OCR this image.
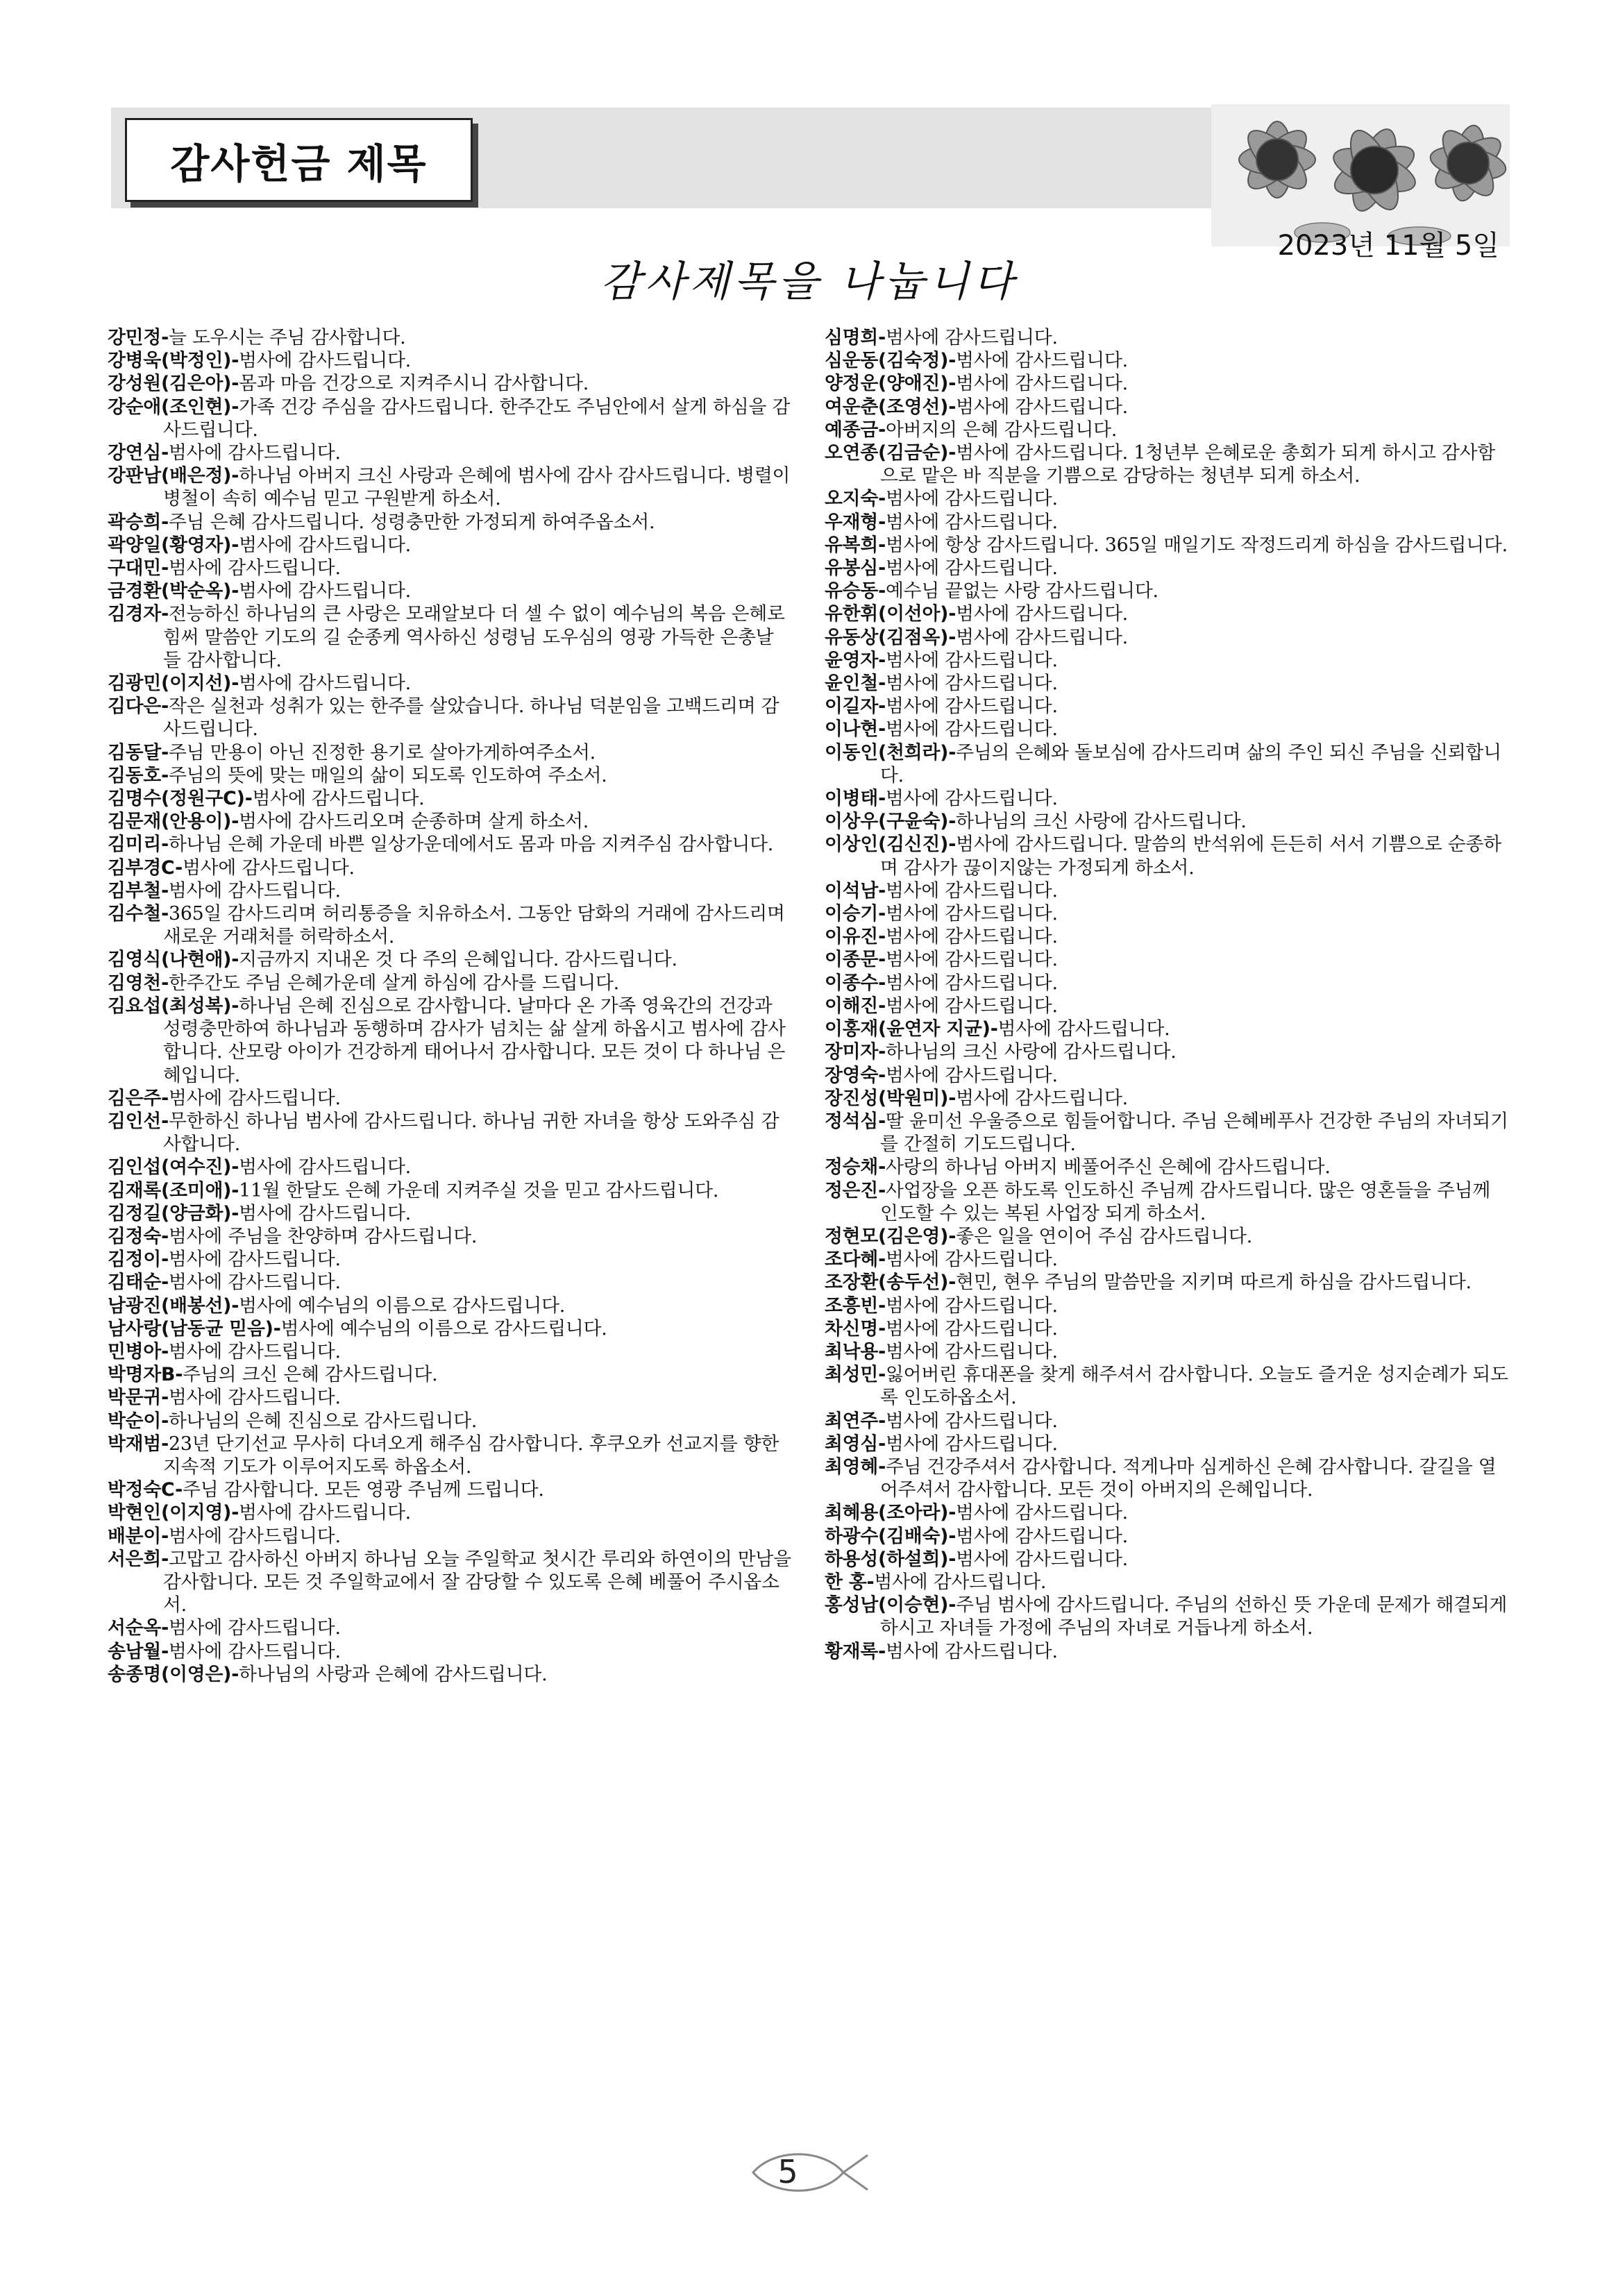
감사헌금 제목
2023년 11월 5일
감사제목을 나눕니다
강민정-늘 도우시는 주님 감사합니다.
강병욱(박정인)-범사에 감사드립니다.
강성원(김은아)-몸과 마음 건강으로 지켜주시니 감사합니다.
강순애(조인현)-가족 건강 주심을 감사드립니다. 한주간도 주님안에서 살게 하심을 감사드립니다.
강연심-범사에 감사드립니다.
강판남(배은정)-하나님 아버지 크신 사랑과 은혜에 범사에 감사 감사드립니다. 병렬이 병철이 속히 예수님 믿고 구원받게 하소서.
곽승희-주님 은혜 감사드립니다. 성령충만한 가정되게 하여주옵소서.
곽양일(황영자)-범사에 감사드립니다.
구대민-범사에 감사드립니다.
금경환(박순옥)-범사에 감사드립니다.
김경자-전능하신 하나님의 큰 사랑은 모래알보다 더 셀 수 없이 예수님의 복음 은혜로 힘써 말씀안 기도의 길 순종케 역사하신 성령님 도우심의 영광 가득한 은총날들 감사합니다.
김광민(이지선)-범사에 감사드립니다.
김다은-작은 실천과 성취가 있는 한주를 살았습니다. 하나님 덕분임을 고백드리며 감사드립니다.
김동달-주님 만용이 아닌 진정한 용기로 살아가게하여주소서.
김동호-주님의 뜻에 맞는 매일의 삶이 되도록 인도하여 주소서.
김명수(정원구C)-범사에 감사드립니다.
김문재(안용이)-범사에 감사드리오며 순종하며 살게 하소서.
김미리-하나님 은혜 가운데 바쁜 일상가운데에서도 몸과 마음 지켜주심 감사합니다.
김부경C-범사에 감사드립니다.
김부철-범사에 감사드립니다.
김수철-365일 감사드리며 허리통증을 치유하소서. 그동안 담화의 거래에 감사드리며 새로운 거래처를 허락하소서.
김영식(나현애)-지금까지 지내온 것 다 주의 은혜입니다. 감사드립니다.
김영천-한주간도 주님 은혜가운데 살게 하심에 감사를 드립니다.
김요섭(최성복)-하나님 은혜 진심으로 감사합니다. 날마다 온 가족 영육간의 건강과 성령충만하여 하나님과 동행하며 감사가 넘치는 삶 살게 하옵시고 범사에 감사합니다. 산모랑 아이가 건강하게 태어나서 감사합니다. 모든 것이 다 하나님 은혜입니다.
김은주-범사에 감사드립니다.
김인선-무한하신 하나님 범사에 감사드립니다. 하나님 귀한 자녀을 항상 도와주심 감사합니다.
김인섭(여수진)-범사에 감사드립니다.
김재록(조미애)-11월 한달도 은혜 가운데 지켜주실 것을 믿고 감사드립니다.
김정길(양금화)-범사에 감사드립니다.
김정숙-범사에 주님을 찬양하며 감사드립니다.
김정이-범사에 감사드립니다.
김태순-범사에 감사드립니다.
남광진(배봉선)-범사에 예수님의 이름으로 감사드립니다.
남사랑(남동균 믿음)-범사에 예수님의 이름으로 감사드립니다.
민병아-범사에 감사드립니다.
박명자B-주님의 크신 은혜 감사드립니다.
박문귀-범사에 감사드립니다.
박순이-하나님의 은혜 진심으로 감사드립니다.
박재범-23년 단기선교 무사히 다녀오게 해주심 감사합니다. 후쿠오카 선교지를 향한 지속적 기도가 이루어지도록 하옵소서.
박정숙C-주님 감사합니다. 모든 영광 주님께 드립니다.
박현인(이지영)-범사에 감사드립니다.
배분이-범사에 감사드립니다.
서은희-고맙고 감사하신 아버지 하나님 오늘 주일학교 첫시간 루리와 하연이의 만남을 감사합니다. 모든 것 주일학교에서 잘 감당할 수 있도록 은혜 베풀어 주시옵소서.
서순옥-범사에 감사드립니다.
송남월-범사에 감사드립니다.
송종명(이영은)-하나님의 사랑과 은혜에 감사드립니다.
심명희-범사에 감사드립니다.
심운동(김숙정)-범사에 감사드립니다.
양정운(양애진)-범사에 감사드립니다.
여운춘(조영선)-범사에 감사드립니다.
예종금-아버지의 은혜 감사드립니다.
오연종(김금순)-범사에 감사드립니다. 1청년부 은혜로운 총회가 되게 하시고 감사함으로 맡은 바 직분을 기쁨으로 감당하는 청년부 되게 하소서.
오지숙-범사에 감사드립니다.
우재형-범사에 감사드립니다.
유복희-범사에 항상 감사드립니다. 365일 매일기도 작정드리게 하심을 감사드립니다.
유봉심-범사에 감사드립니다.
유승동-예수님 끝없는 사랑 감사드립니다.
유한휘(이선아)-범사에 감사드립니다.
유동상(김점옥)-범사에 감사드립니다.
윤영자-범사에 감사드립니다.
윤인철-범사에 감사드립니다.
이길자-범사에 감사드립니다.
이나현-범사에 감사드립니다.
이동인(천희라)-주님의 은혜와 돌보심에 감사드리며 삶의 주인 되신 주님을 신뢰합니다.
이병태-범사에 감사드립니다.
이상우(구윤숙)-하나님의 크신 사랑에 감사드립니다.
이상인(김신진)-범사에 감사드립니다. 말씀의 반석위에 든든히 서서 기쁨으로 순종하며 감사가 끊이지않는 가정되게 하소서.
이석남-범사에 감사드립니다.
이승기-범사에 감사드립니다.
이유진-범사에 감사드립니다.
이종문-범사에 감사드립니다.
이종수-범사에 감사드립니다.
이해진-범사에 감사드립니다.
이홍재(윤연자 지균)-범사에 감사드립니다.
장미자-하나님의 크신 사랑에 감사드립니다.
장영숙-범사에 감사드립니다.
장진성(박원미)-범사에 감사드립니다.
정석심-딸 윤미선 우울증으로 힘들어합니다. 주님 은혜베푸사 건강한 주님의 자녀되기를 간절히 기도드립니다.
정승채-사랑의 하나님 아버지 베풀어주신 은혜에 감사드립니다.
정은진-사업장을 오픈 하도록 인도하신 주님께 감사드립니다. 많은 영혼들을 주님께 인도할 수 있는 복된 사업장 되게 하소서.
정현모(김은영)-좋은 일을 연이어 주심 감사드립니다.
조다혜-범사에 감사드립니다.
조장환(송두선)-현민, 현우 주님의 말씀만을 지키며 따르게 하심을 감사드립니다.
조흥빈-범사에 감사드립니다.
차신명-범사에 감사드립니다.
최낙용-범사에 감사드립니다.
최성민-잃어버린 휴대폰을 찾게 해주셔서 감사합니다. 오늘도 즐거운 성지순례가 되도록 인도하옵소서.
최연주-범사에 감사드립니다.
최영심-범사에 감사드립니다.
최영혜-주님 건강주셔서 감사합니다. 적게나마 심게하신 은혜 감사합니다. 갈길을 열어주셔서 감사합니다. 모든 것이 아버지의 은혜입니다.
최혜용(조아라)-범사에 감사드립니다.
하광수(김배숙)-범사에 감사드립니다.
하용성(하설희)-범사에 감사드립니다.
한 홍-범사에 감사드립니다.
홍성남(이승현)-주님 범사에 감사드립니다. 주님의 선하신 뜻 가운데 문제가 해결되게 하시고 자녀들 가정에 주님의 자녀로 거듭나게 하소서.
황재록-범사에 감사드립니다.
5
